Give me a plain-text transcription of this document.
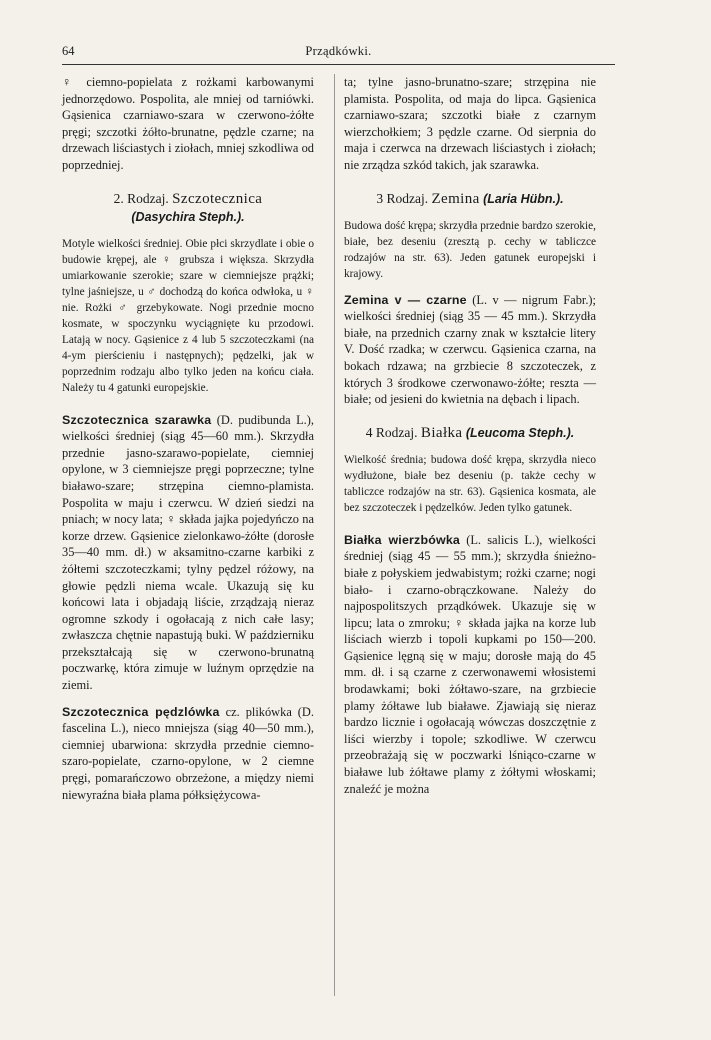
64	Prządkówki.

♀ ciemno-popielata z rożkami karbowanymi jednorzędowo. Pospolita, ale mniej od tarniówki. Gąsienica czarniawo-szara w czerwono-żółte pręgi; szczotki żółto-brunatne, pędzle czarne; na drzewach liściastych i ziołach, mniej szkodliwa od poprzedniej.

2. Rodzaj. Szczotecznica
(Dasychira Steph.).

Motyle wielkości średniej. Obie płci skrzydlate i obie o budowie krępej, ale ♀ grubsza i większa. Skrzydła umiarkowanie szerokie; szare w ciemniejsze prążki; tylne jaśniejsze, u ♂ dochodzą do końca odwłoka, u ♀ nie. Rożki ♂ grzebykowate. Nogi przednie mocno kosmate, w spoczynku wyciągnięte ku przodowi. Latają w nocy. Gąsienice z 4 lub 5 szczoteczkami (na 4-ym pierścieniu i następnych); pędzelki, jak w poprzednim rodzaju albo tylko jeden na końcu ciała. Należy tu 4 gatunki europejskie.

Szczotecznica szarawka (D. pudibunda L.), wielkości średniej (siąg 45—60 mm.). Skrzydła przednie jasno-szarawo-popielate, ciemniej opylone, w 3 ciemniejsze pręgi poprzeczne; tylne białawo-szare; strzępina ciemno-plamista. Pospolita w maju i czerwcu. W dzień siedzi na pniach; w nocy lata; ♀ składa jajka pojedyńczo na korze drzew. Gąsienice zielonkawo-żółte (dorosłe 35—40 mm. dł.) w aksamitno-czarne karbiki z żółtemi szczoteczkami; tylny pędzel różowy, na głowie pędzli niema wcale. Ukazują się ku końcowi lata i objadają liście, zrządzają nieraz ogromne szkody i ogołacają z nich całe lasy; zwłaszcza chętnie napastują buki. W październiku przekształcają się w czerwono-brunatną poczwarkę, która zimuje w luźnym oprzędzie na ziemi.

Szczotecznica pędzlówka cz. plikówka (D. fascelina L.), nieco mniejsza (siąg 40—50 mm.), ciemniej ubarwiona: skrzydła przednie ciemno-szaro-popielate, czarno-opylone, w 2 ciemne pręgi, pomarańczowo obrzeżone, a między niemi niewyraźna biała plama półksiężycowa-

ta; tylne jasno-brunatno-szare; strzępina nie plamista. Pospolita, od maja do lipca. Gąsienica czarniawo-szara; szczotki białe z czarnym wierzchołkiem; 3 pędzle czarne. Od sierpnia do maja i czerwca na drzewach liściastych i ziołach; nie zrządza szkód takich, jak szarawka.

3 Rodzaj. Zemina (Laria Hübn.).

Budowa dość krępa; skrzydła przednie bardzo szerokie, białe, bez deseniu (zresztą p. cechy w tabliczce rodzajów na str. 63). Jeden gatunek europejski i krajowy.

Zemina v — czarne (L. v — nigrum Fabr.); wielkości średniej (siąg 35 — 45 mm.). Skrzydła białe, na przednich czarny znak w kształcie litery V. Dość rzadka; w czerwcu. Gąsienica czarna, na bokach rdzawa; na grzbiecie 8 szczoteczek, z których 3 środkowe czerwonawo-żółte; reszta — białe; od jesieni do kwietnia na dębach i lipach.

4 Rodzaj. Białka (Leucoma Steph.).

Wielkość średnia; budowa dość krępa, skrzydła nieco wydłużone, białe bez deseniu (p. także cechy w tabliczce rodzajów na str. 63). Gąsienica kosmata, ale bez szczoteczek i pędzelków. Jeden tylko gatunek.

Białka wierzbówka (L. salicis L.), wielkości średniej (siąg 45 — 55 mm.); skrzydła śnieżno-białe z połyskiem jedwabistym; rożki czarne; nogi biało- i czarno-obrączkowane. Należy do najpospolitszych prządkówek. Ukazuje się w lipcu; lata o zmroku; ♀ składa jajka na korze lub liściach wierzb i topoli kupkami po 150—200. Gąsienice lęgną się w maju; dorosłe mają do 45 mm. dł. i są czarne z czerwonawemi włosistemi brodawkami; boki żółtawo-szare, na grzbiecie plamy żółtawe lub białawe. Zjawiają się nieraz bardzo licznie i ogołacają wówczas doszczętnie z liści wierzby i topole; szkodliwe. W czerwcu przeobrażają się w poczwarki lśniąco-czarne w białawe lub żółtawe plamy z żółtymi włoskami; znaleźć je można
